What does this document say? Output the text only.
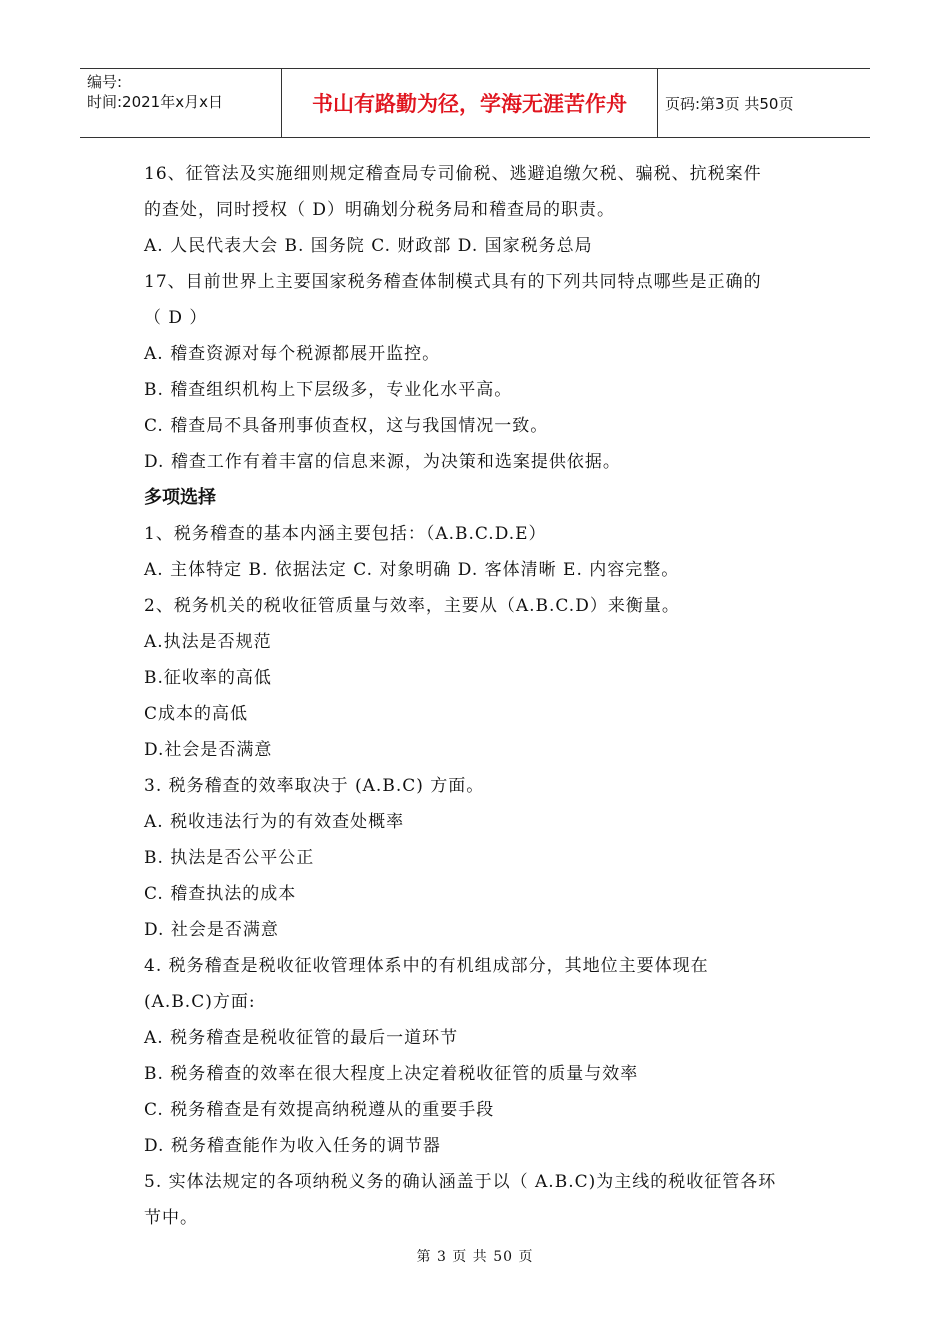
编号:
时间:2021年x月x日	书山有路勤为径，学海无涯苦作舟	页码:第3页 共50页
16、征管法及实施细则规定稽查局专司偷税、逃避追缴欠税、骗税、抗税案件
的查处，同时授权（ D）明确划分税务局和稽查局的职责。
A. 人民代表大会 B. 国务院 C. 财政部 D. 国家税务总局
17、目前世界上主要国家税务稽查体制模式具有的下列共同特点哪些是正确的
（ D ）
A. 稽查资源对每个税源都展开监控。
B. 稽查组织机构上下层级多，专业化水平高。
C. 稽查局不具备刑事侦查权，这与我国情况一致。
D. 稽查工作有着丰富的信息来源，为决策和选案提供依据。
多项选择
1、税务稽查的基本内涵主要包括：（A.B.C.D.E）
A. 主体特定 B. 依据法定 C. 对象明确 D. 客体清晰 E. 内容完整。
2、税务机关的税收征管质量与效率，主要从（A.B.C.D）来衡量。
A.执法是否规范
B.征收率的高低
C成本的高低
D.社会是否满意
3. 税务稽查的效率取决于 (A.B.C) 方面。
A. 税收违法行为的有效查处概率
B. 执法是否公平公正
C. 稽查执法的成本
D. 社会是否满意
4. 税务稽查是税收征收管理体系中的有机组成部分，其地位主要体现在
(A.B.C)方面:
A. 税务稽查是税收征管的最后一道环节
B. 税务稽查的效率在很大程度上决定着税收征管的质量与效率
C. 税务稽查是有效提高纳税遵从的重要手段
D. 税务稽查能作为收入任务的调节器
5. 实体法规定的各项纳税义务的确认涵盖于以（ A.B.C)为主线的税收征管各环
节中。
第 3 页 共 50 页
